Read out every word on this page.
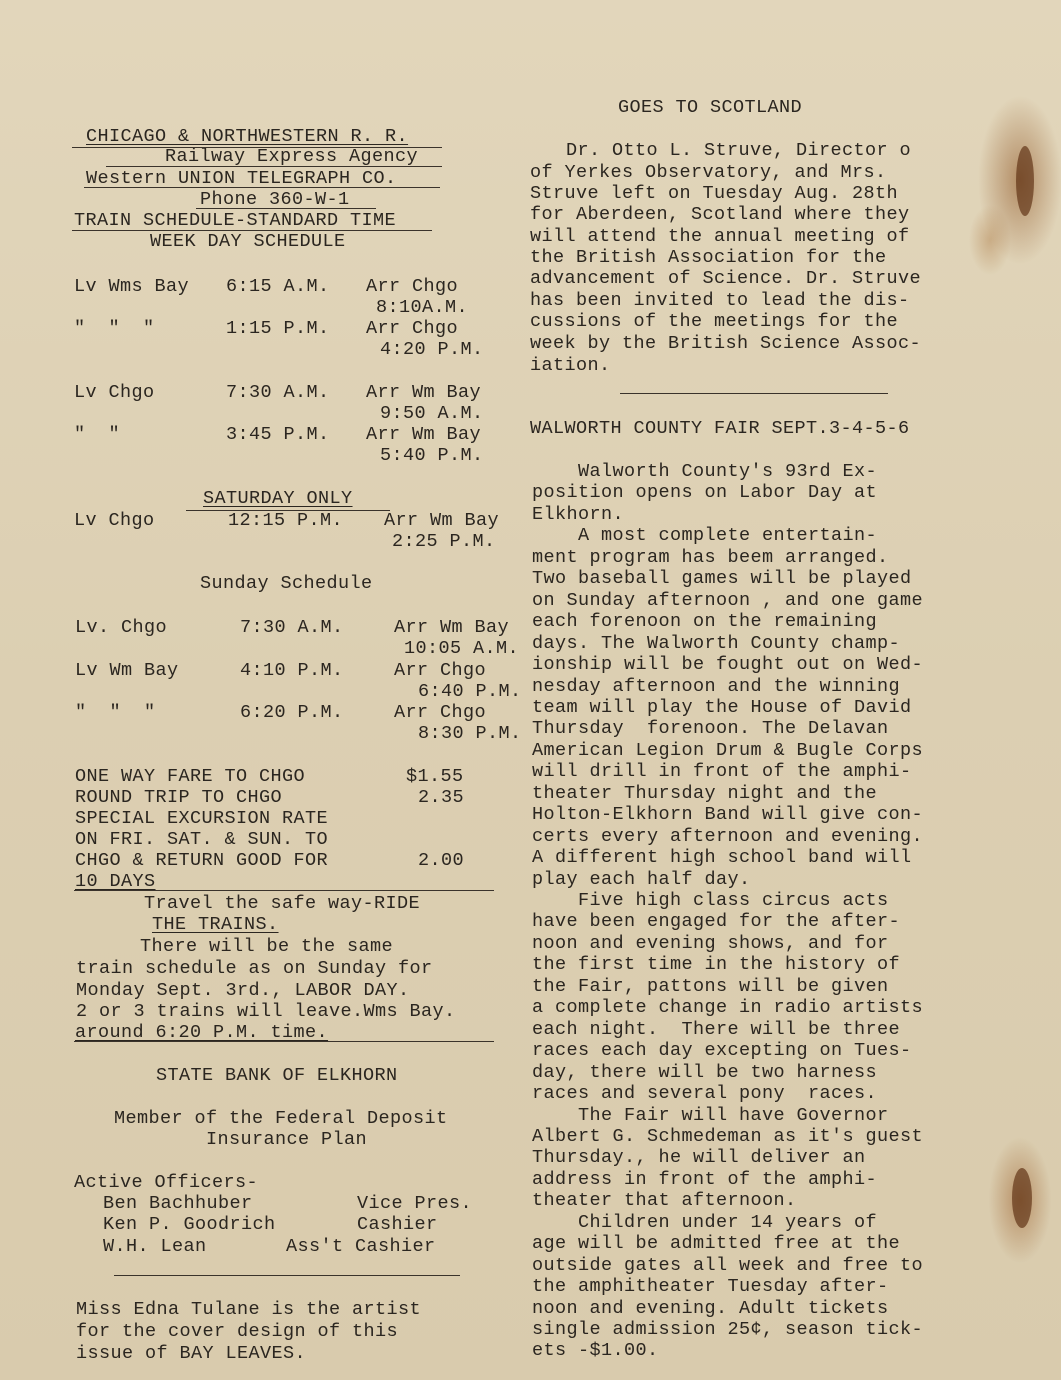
CHICAGO & NORTHWESTERN R. R.
Railway Express Agency
Western UNION TELEGRAPH CO.
Phone 360-W-1
TRAIN SCHEDULE-STANDARD TIME
WEEK DAY SCHEDULE
Lv Wms Bay 6:15 A.M. Arr Chgo
8:10A.M.
"  "  "	1:15 P.M. Arr Chgo
4:20 P.M.
Lv Chgo	7:30 A.M. Arr Wm Bay
9:50 A.M.
"  "	3:45 P.M. Arr Wm Bay
5:40 P.M.
SATURDAY ONLY
Lv Chgo	12:15 P.M. Arr Wm Bay
2:25 P.M.
Sunday Schedule
Lv. Chgo	7:30 A.M.	Arr Wm Bay
10:05 A.M.
Lv Wm Bay	4:10 P.M.	Arr Chgo
6:40 P.M.
"  "  "	6:20 P.M.	Arr Chgo
8:30 P.M.
ONE WAY FARE TO CHGO	$1.55
ROUND TRIP TO CHGO	2.35
SPECIAL EXCURSION RATE
ON FRI. SAT. & SUN. TO
CHGO & RETURN GOOD FOR	2.00
10 DAYS
Travel the safe way-RIDE
THE TRAINS.
There will be the same
train schedule as on Sunday for
Monday Sept. 3rd., LABOR DAY.
2 or 3 trains will leave.Wms Bay.
around 6:20 P.M. time.
STATE BANK OF ELKHORN
Member of the Federal Deposit
Insurance Plan
Active Officers-
Ben Bachhuber	Vice Pres.
Ken P. Goodrich	Cashier
W.H. Lean	Ass't Cashier
Miss Edna Tulane is the artist
for the cover design of this
issue of BAY LEAVES.
GOES TO SCOTLAND
Dr. Otto L. Struve, Director o
of Yerkes Observatory, and Mrs.
Struve left on Tuesday Aug. 28th
for Aberdeen, Scotland where they
will attend the annual meeting of
the British Association for the
advancement of Science. Dr. Struve
has been invited to lead the dis-
cussions of the meetings for the
week by the British Science Assoc-
iation.
WALWORTH COUNTY FAIR SEPT.3-4-5-6
Walworth County's 93rd Ex-
position opens on Labor Day at
Elkhorn.
A most complete entertain-
ment program has beem arranged.
Two baseball games will be played
on Sunday afternoon , and one game
each forenoon on the remaining
days. The Walworth County champ-
ionship will be fought out on Wed-
nesday afternoon and the winning
team will play the House of David
Thursday  forenoon. The Delavan
American Legion Drum & Bugle Corps
will drill in front of the amphi-
theater Thursday night and the
Holton-Elkhorn Band will give con-
certs every afternoon and evening.
A different high school band will
play each half day.
Five high class circus acts
have been engaged for the after-
noon and evening shows, and for
the first time in the history of
the Fair, pattons will be given
a complete change in radio artists
each night.  There will be three
races each day excepting on Tues-
day, there will be two harness
races and several pony  races.
The Fair will have Governor
Albert G. Schmedeman as it's guest
Thursday., he will deliver an
address in front of the amphi-
theater that afternoon.
Children under 14 years of
age will be admitted free at the
outside gates all week and free to
the amphitheater Tuesday after-
noon and evening. Adult tickets
single admission 25¢, season tick-
ets -$1.00.
